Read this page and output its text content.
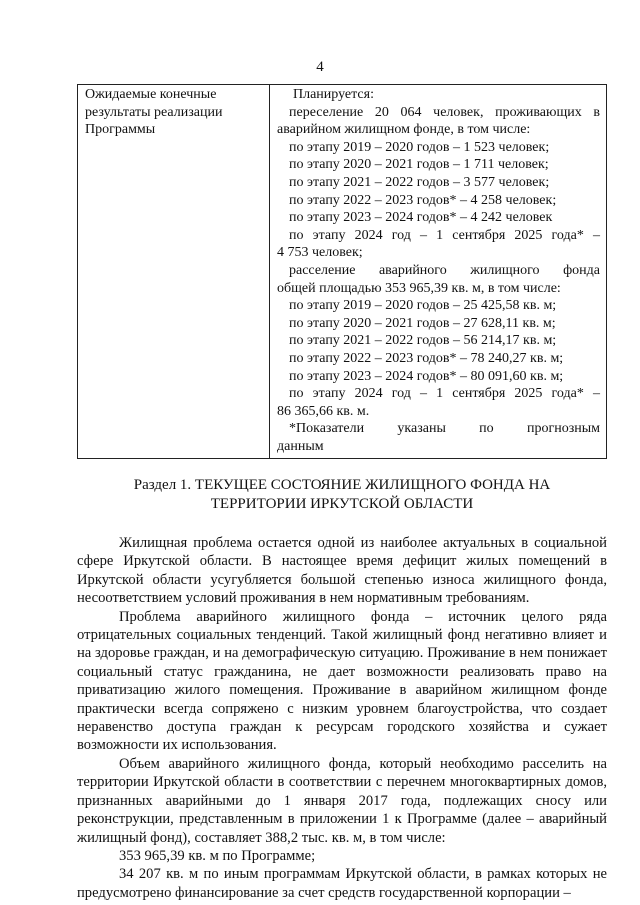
4
Ожидаемые конечные результаты реализации Программы	
Планируется:
переселение 20 064 человек, проживающих в
аварийном жилищном фонде, в том числе:
по этапу 2019 – 2020 годов – 1 523 человек;
по этапу 2020 – 2021 годов – 1 711 человек;
по этапу 2021 – 2022 годов – 3 577 человек;
по этапу 2022 – 2023 годов* – 4 258 человек;
по этапу 2023 – 2024 годов* – 4 242 человек
по этапу 2024 год – 1 сентября 2025 года* –
4 753 человек;
расселение аварийного жилищного фонда
общей площадью 353 965,39 кв. м, в том числе:
по этапу 2019 – 2020 годов – 25 425,58 кв. м;
по этапу 2020 – 2021 годов – 27 628,11 кв. м;
по этапу 2021 – 2022 годов – 56 214,17 кв. м;
по этапу 2022 – 2023 годов* – 78 240,27 кв. м;
по этапу 2023 – 2024 годов* – 80 091,60 кв. м;
по этапу 2024 год – 1 сентября 2025 года* –
86 365,66 кв. м.
*Показатели указаны по прогнозным
данным
Раздел 1. ТЕКУЩЕЕ СОСТОЯНИЕ ЖИЛИЩНОГО ФОНДА НА
ТЕРРИТОРИИ ИРКУТСКОЙ ОБЛАСТИ

Жилищная проблема остается одной из наиболее актуальных в социальной сфере Иркутской области. В настоящее время дефицит жилых помещений в Иркутской области усугубляется большой степенью износа жилищного фонда, несоответствием условий проживания в нем нормативным требованиям.

Проблема аварийного жилищного фонда – источник целого ряда отрицательных социальных тенденций. Такой жилищный фонд негативно влияет и на здоровье граждан, и на демографическую ситуацию. Проживание в нем понижает социальный статус гражданина, не дает возможности реализовать право на приватизацию жилого помещения. Проживание в аварийном жилищном фонде практически всегда сопряжено с низким уровнем благоустройства, что создает неравенство доступа граждан к ресурсам городского хозяйства и сужает возможности их использования.

Объем аварийного жилищного фонда, который необходимо расселить на территории Иркутской области в соответствии с перечнем многоквартирных домов, признанных аварийными до 1 января 2017 года, подлежащих сносу или реконструкции, представленным в приложении 1 к Программе (далее – аварийный жилищный фонд), составляет 388,2 тыс. кв. м, в том числе:

353 965,39 кв. м по Программе;

34 207 кв. м по иным программам Иркутской области, в рамках которых не предусмотрено финансирование за счет средств государственной корпорации –
